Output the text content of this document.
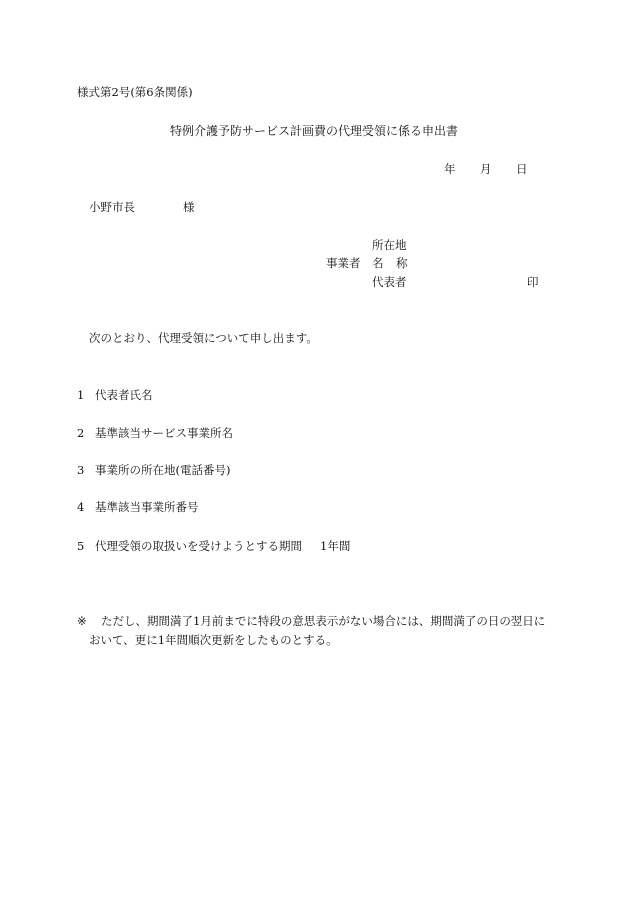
様式第2号(第6条関係)
特例介護予防サービス計画費の代理受領に係る申出書
年 月 日
小野市長	様
所在地
事業者 名 称
代表者	印
次のとおり、代理受領について申し出ます。
1 代表者氏名
2 基準該当サービス事業所名
3 事業所の所在地(電話番号)
4 基準該当事業所番号
5 代理受領の取扱いを受けようとする期間 1年間
※ ただし、期間満了1月前までに特段の意思表示がない場合には、期間満了の日の翌日に
おいて、更に1年間順次更新をしたものとする。
